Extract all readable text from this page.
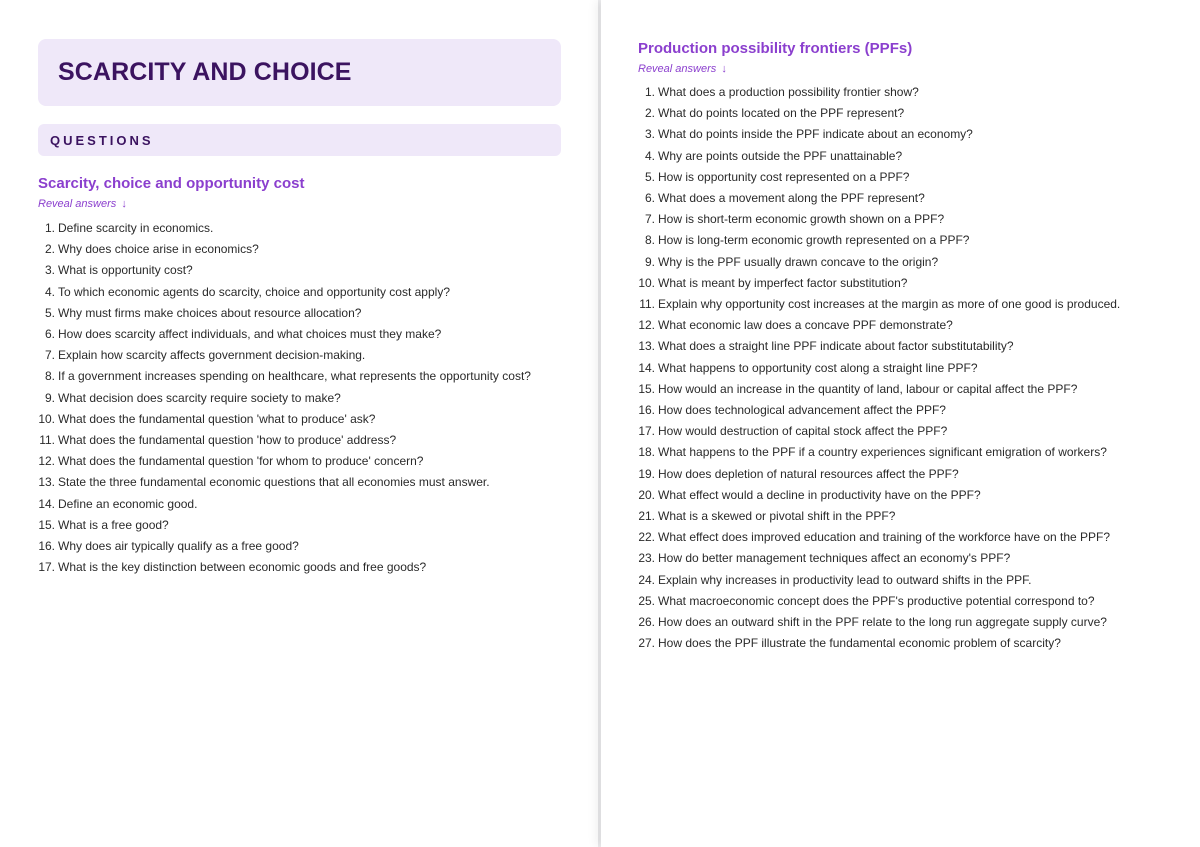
SCARCITY AND CHOICE
QUESTIONS
Scarcity, choice and opportunity cost
Reveal answers ↓
1. Define scarcity in economics.
2. Why does choice arise in economics?
3. What is opportunity cost?
4. To which economic agents do scarcity, choice and opportunity cost apply?
5. Why must firms make choices about resource allocation?
6. How does scarcity affect individuals, and what choices must they make?
7. Explain how scarcity affects government decision-making.
8. If a government increases spending on healthcare, what represents the opportunity cost?
9. What decision does scarcity require society to make?
10. What does the fundamental question 'what to produce' ask?
11. What does the fundamental question 'how to produce' address?
12. What does the fundamental question 'for whom to produce' concern?
13. State the three fundamental economic questions that all economies must answer.
14. Define an economic good.
15. What is a free good?
16. Why does air typically qualify as a free good?
17. What is the key distinction between economic goods and free goods?
Production possibility frontiers (PPFs)
Reveal answers ↓
1. What does a production possibility frontier show?
2. What do points located on the PPF represent?
3. What do points inside the PPF indicate about an economy?
4. Why are points outside the PPF unattainable?
5. How is opportunity cost represented on a PPF?
6. What does a movement along the PPF represent?
7. How is short-term economic growth shown on a PPF?
8. How is long-term economic growth represented on a PPF?
9. Why is the PPF usually drawn concave to the origin?
10. What is meant by imperfect factor substitution?
11. Explain why opportunity cost increases at the margin as more of one good is produced.
12. What economic law does a concave PPF demonstrate?
13. What does a straight line PPF indicate about factor substitutability?
14. What happens to opportunity cost along a straight line PPF?
15. How would an increase in the quantity of land, labour or capital affect the PPF?
16. How does technological advancement affect the PPF?
17. How would destruction of capital stock affect the PPF?
18. What happens to the PPF if a country experiences significant emigration of workers?
19. How does depletion of natural resources affect the PPF?
20. What effect would a decline in productivity have on the PPF?
21. What is a skewed or pivotal shift in the PPF?
22. What effect does improved education and training of the workforce have on the PPF?
23. How do better management techniques affect an economy's PPF?
24. Explain why increases in productivity lead to outward shifts in the PPF.
25. What macroeconomic concept does the PPF's productive potential correspond to?
26. How does an outward shift in the PPF relate to the long run aggregate supply curve?
27. How does the PPF illustrate the fundamental economic problem of scarcity?
